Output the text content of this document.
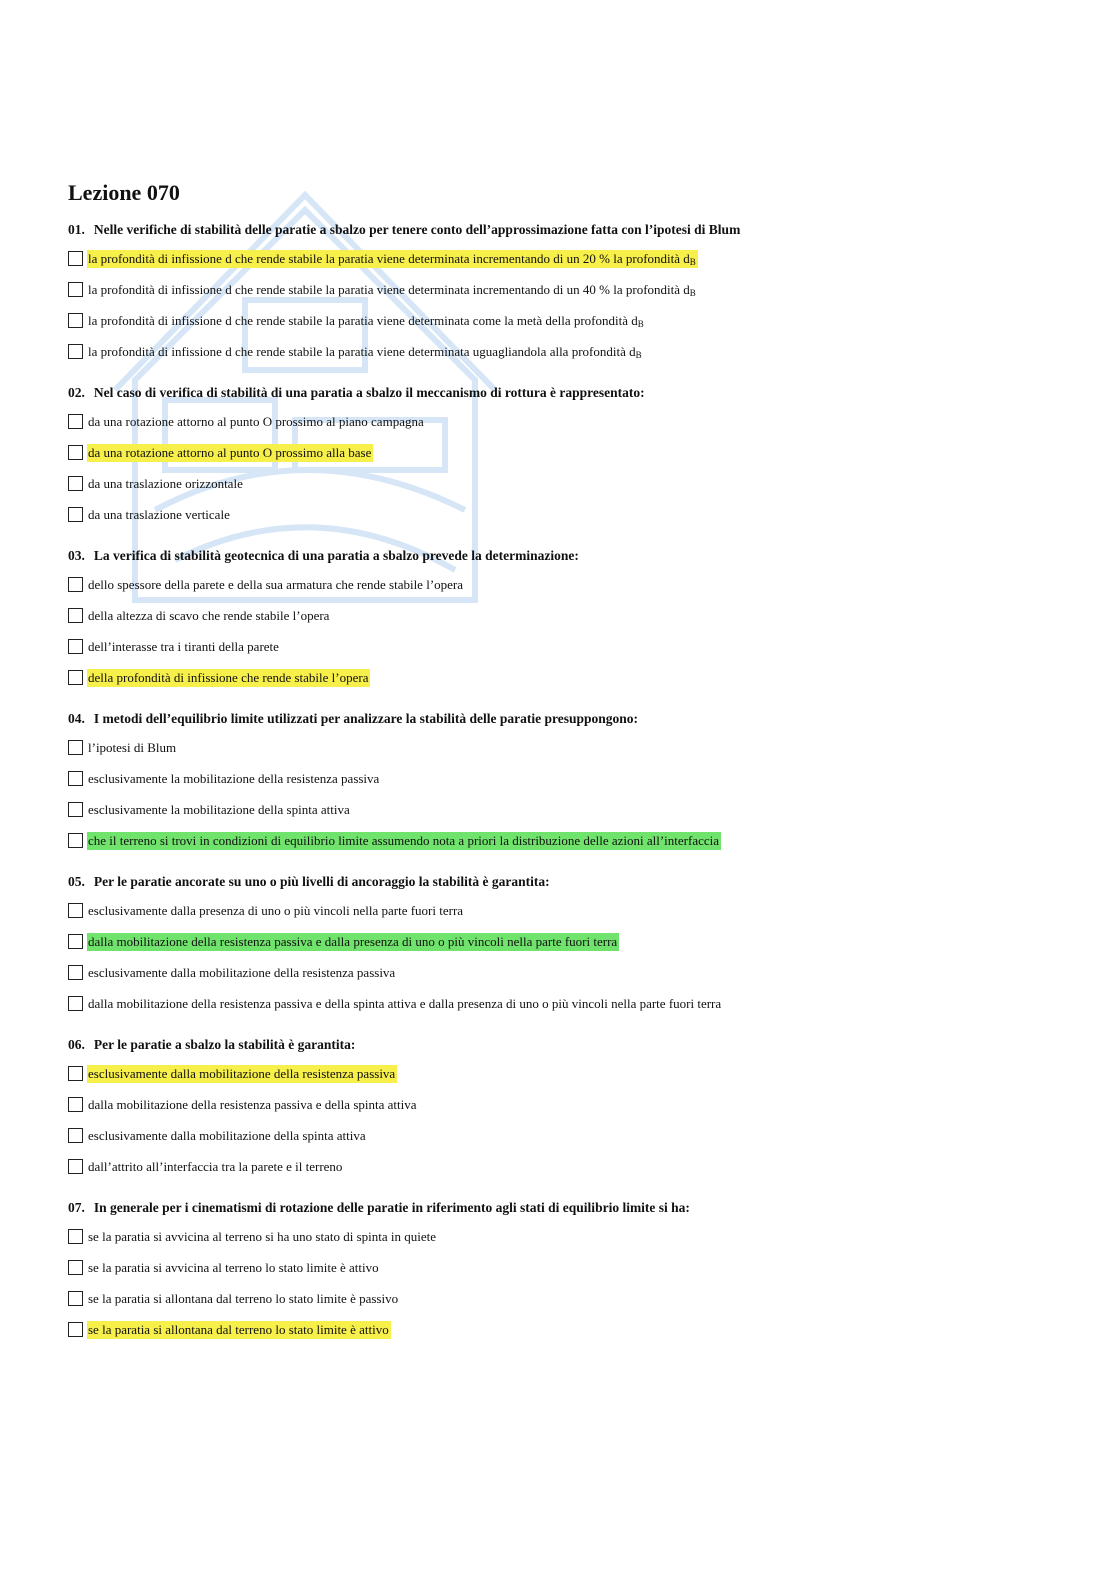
Lezione 070
01. Nelle verifiche di stabilità delle paratie a sbalzo per tenere conto dell’approssimazione fatta con l’ipotesi di Blum
la profondità di infissione d che rende stabile la paratia viene determinata incrementando di un 20 % la profondità $d_B$
la profondità di infissione d che rende stabile la paratia viene determinata incrementando di un 40 % la profondità $d_B$
la profondità di infissione d che rende stabile la paratia viene determinata come la metà della profondità $d_B$
la profondità di infissione d che rende stabile la paratia viene determinata uguagliandola alla profondità $d_B$
02. Nel caso di verifica di stabilità di una paratia a sbalzo il meccanismo di rottura è rappresentato:
da una rotazione attorno al punto O prossimo al piano campagna
da una rotazione attorno al punto O prossimo alla base
da una traslazione orizzontale
da una traslazione verticale
03. La verifica di stabilità geotecnica di una paratia a sbalzo prevede la determinazione:
dello spessore della parete e della sua armatura che rende stabile l’opera
della altezza di scavo che rende stabile l’opera
dell’interasse tra i tiranti della parete
della profondità di infissione che rende stabile l’opera
04. I metodi dell’equilibrio limite utilizzati per analizzare la stabilità delle paratie presuppongono:
l’ipotesi di Blum
esclusivamente la mobilitazione della resistenza passiva
esclusivamente la mobilitazione della spinta attiva
che il terreno si trovi in condizioni di equilibrio limite assumendo nota a priori la distribuzione delle azioni all’interfaccia
05. Per le paratie ancorate su uno o più livelli di ancoraggio la stabilità è garantita:
esclusivamente dalla presenza di uno o più vincoli nella parte fuori terra
dalla mobilitazione della resistenza passiva e dalla presenza di uno o più vincoli nella parte fuori terra
esclusivamente dalla mobilitazione della resistenza passiva
dalla mobilitazione della resistenza passiva e della spinta attiva e dalla presenza di uno o più vincoli nella parte fuori terra
06. Per le paratie a sbalzo la stabilità è garantita:
esclusivamente dalla mobilitazione della resistenza passiva
dalla mobilitazione della resistenza passiva e della spinta attiva
esclusivamente dalla mobilitazione della spinta attiva
dall’attrito all’interfaccia tra la parete e il terreno
07. In generale per i cinematismi di rotazione delle paratie in riferimento agli stati di equilibrio limite si ha:
se la paratia si avvicina al terreno si ha uno stato di spinta in quiete
se la paratia si avvicina al terreno lo stato limite è attivo
se la paratia si allontana dal terreno lo stato limite è passivo
se la paratia si allontana dal terreno lo stato limite è attivo
